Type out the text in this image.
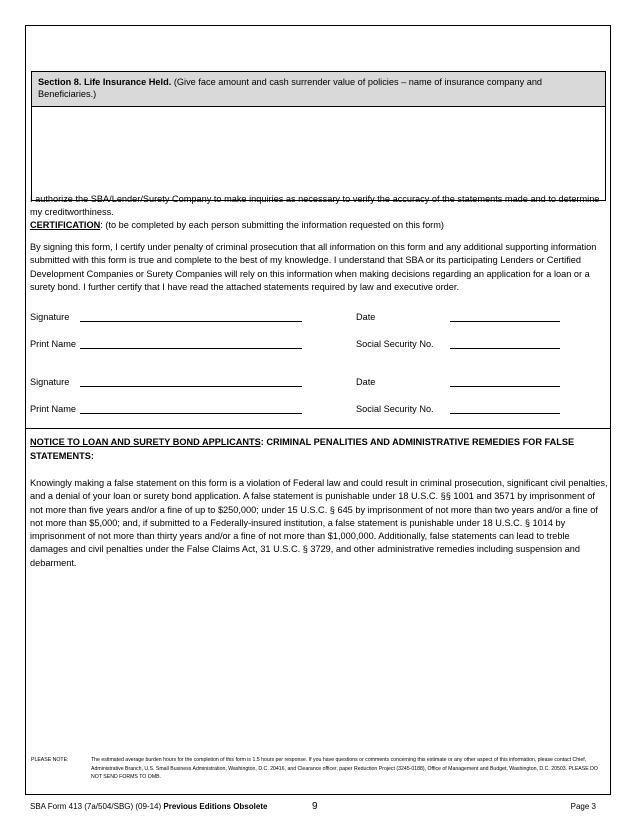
Section 8. Life Insurance Held. (Give face amount and cash surrender value of policies – name of insurance company and Beneficiaries.)
I authorize the SBA/Lender/Surety Company to make inquiries as necessary to verify the accuracy of the statements made and to determine my creditworthiness.
CERTIFICATION: (to be completed by each person submitting the information requested on this form)
By signing this form, I certify under penalty of criminal prosecution that all information on this form and any additional supporting information submitted with this form is true and complete to the best of my knowledge. I understand that SBA or its participating Lenders or Certified Development Companies or Surety Companies will rely on this information when making decisions regarding an application for a loan or a surety bond. I further certify that I have read the attached statements required by law and executive order.
Signature	Date
Print Name	Social Security No.
Signature	Date
Print Name	Social Security No.
NOTICE TO LOAN AND SURETY BOND APPLICANTS: CRIMINAL PENALITIES AND ADMINISTRATIVE REMEDIES FOR FALSE STATEMENTS:
Knowingly making a false statement on this form is a violation of Federal law and could result in criminal prosecution, significant civil penalties, and a denial of your loan or surety bond application. A false statement is punishable under 18 U.S.C. §§ 1001 and 3571 by imprisonment of not more than five years and/or a fine of up to $250,000; under 15 U.S.C. § 645 by imprisonment of not more than two years and/or a fine of not more than $5,000; and, if submitted to a Federally-insured institution, a false statement is punishable under 18 U.S.C. § 1014 by imprisonment of not more than thirty years and/or a fine of not more than $1,000,000. Additionally, false statements can lead to treble damages and civil penalties under the False Claims Act, 31 U.S.C. § 3729, and other administrative remedies including suspension and debarment.
PLEASE NOTE:	The estimated average burden hours for the completion of this form is 1.5 hours per response. If you have questions or comments concerning this estimate or any other aspect of this information, please contact Chief, Administrative Branch, U.S. Small Business Administration, Washington, D.C. 20416, and Clearance officer, paper Reduction Project (3245-0188), Office of Management and Budget, Washington, D.C. 20503. PLEASE DO NOT SEND FORMS TO OMB.
SBA Form 413 (7a/504/SBG) (09-14) Previous Editions Obsolete	9	Page 3
